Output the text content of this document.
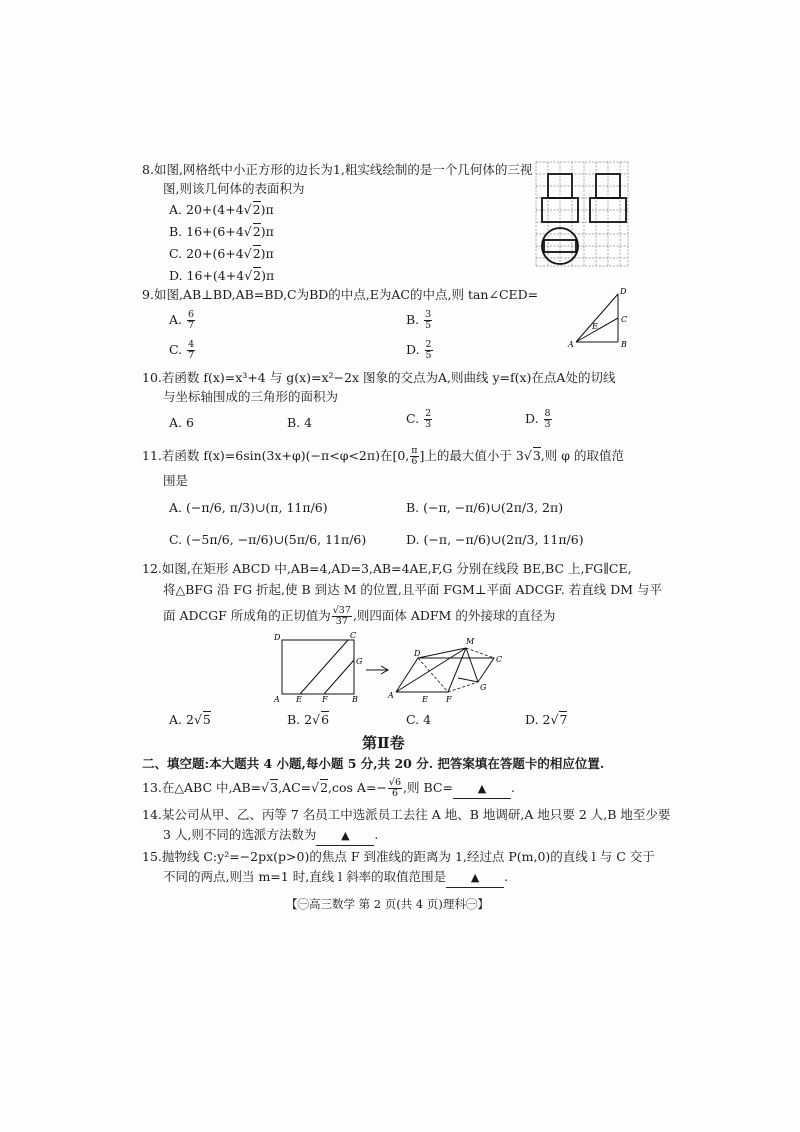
8.如图,网格纸中小正方形的边长为1,粗实线绘制的是一个几何体的三视
图,则该几何体的表面积为
A. 20+(4+4√2)π
B. 16+(6+4√2)π
C. 20+(6+4√2)π
D. 16+(4+4√2)π
9.如图,AB⊥BD,AB=BD,C为BD的中点,E为AC的中点,则 tan∠CED=
A. $\frac{6}{7}$	B. $\frac{3}{5}$
C. $\frac{4}{7}$	D. $\frac{2}{5}$
D
E
C
A	B
10.若函数 f(x)=x³+4 与 g(x)=x²−2x 图象的交点为A,则曲线 y=f(x)在点A处的切线
与坐标轴围成的三角形的面积为
A. 6	B. 4	C. $\frac{2}{3}$	D. $\frac{8}{3}$
11.若函数 f(x)=6sin(3x+φ)(−π<φ<2π)在[0, $\frac{\pi}{6}$ ]上的最大值小于 3√3,则 φ 的取值范
围是
A. (−π/6, π/3)∪(π, 11π/6)	B. (−π, −π/6)∪(2π/3, 2π)
C. (−5π/6, −π/6)∪(5π/6, 11π/6)	D. (−π, −π/6)∪(2π/3, 11π/6)
12.如图,在矩形 ABCD 中,AB=4,AD=3,AB=4AE,F,G 分别在线段 BE,BC 上,FG∥CE,
将△BFG 沿 FG 折起,使 B 到达 M 的位置,且平面 FGM⊥平面 ADCGF. 若直线 DM 与平
面 ADCGF 所成角的正切值为 $\frac{√37}{37}$ ,则四面体 ADFM 的外接球的直径为
D	C
G
A E	F	B
D
M
C
G
A	E F
A. 2√5	B. 2√6	C. 4	D. 2√7
第Ⅱ卷
二、填空题:本大题共 4 小题,每小题 5 分,共 20 分. 把答案填在答题卡的相应位置.
13.在△ABC 中,AB=√3,AC=√2,cos $A=- \frac{√6}{6}$ ,则 BC= ▲ .
14.某公司从甲、乙、丙等 7 名员工中选派员工去往 A 地、B 地调研,A 地只要 2 人,B 地至少要
3 人,则不同的选派方法数为 ▲ .
15.抛物线 C:y²=−2px(p>0)的焦点 F 到准线的距离为 1,经过点 P(m,0)的直线 l 与 C 交于
不同的两点,则当 m=1 时,直线 l 斜率的取值范围是 ▲ .
【㊀高三数学 第 2 页(共 4 页)理科㊀】
